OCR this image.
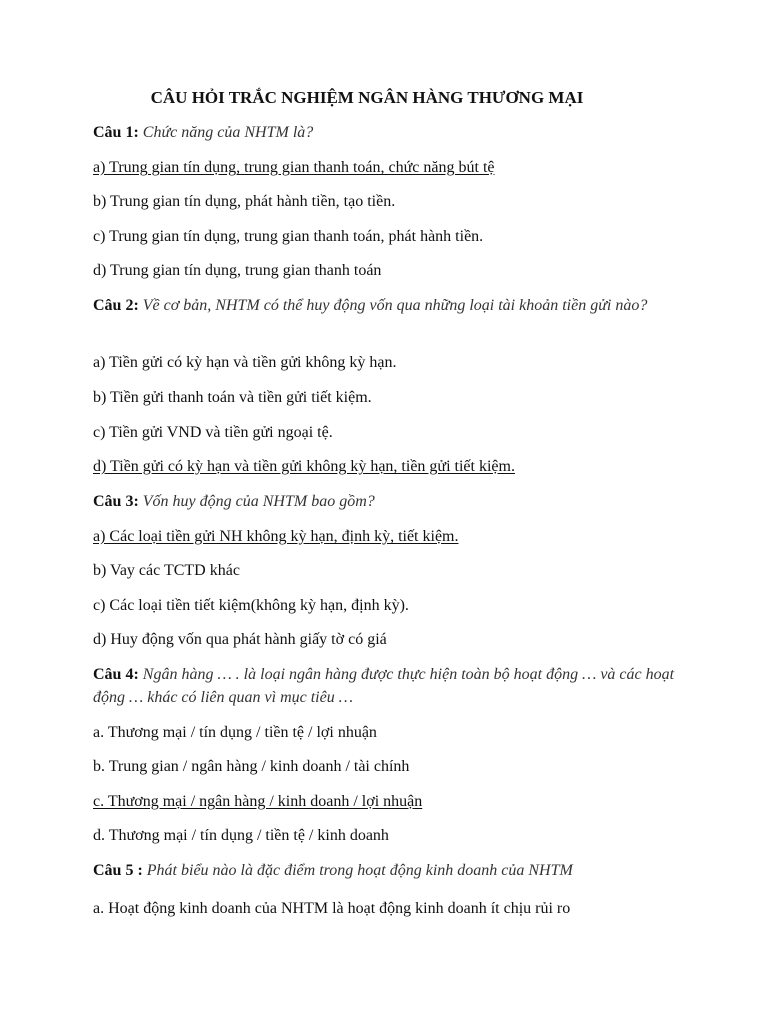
CÂU HỎI TRẮC NGHIỆM NGÂN HÀNG THƯƠNG MẠI

Câu 1: Chức năng của NHTM là?

a) Trung gian tín dụng, trung gian thanh toán, chức năng bút tệ

b) Trung gian tín dụng, phát hành tiền, tạo tiền.

c) Trung gian tín dụng, trung gian thanh toán, phát hành tiền.

d) Trung gian tín dụng, trung gian thanh toán

Câu 2: Về cơ bản, NHTM có thể huy động vốn qua những loại tài khoản tiền gửi nào?

a) Tiền gửi có kỳ hạn và tiền gửi không kỳ hạn.

b) Tiền gửi thanh toán và tiền gửi tiết kiệm.

c) Tiền gửi VND và tiền gửi ngoại tệ.

d) Tiền gửi có kỳ hạn và tiền gửi không kỳ hạn, tiền gửi tiết kiệm.

Câu 3: Vốn huy động của NHTM bao gồm?

a) Các loại tiền gửi NH không kỳ hạn, định kỳ, tiết kiệm.

b) Vay các TCTD khác

c) Các loại tiền tiết kiệm(không kỳ hạn, định kỳ).

d) Huy động vốn qua phát hành giấy tờ có giá

Câu 4: Ngân hàng … . là loại ngân hàng được thực hiện toàn bộ hoạt động … và các hoạt động … khác có liên quan vì mục tiêu …

a. Thương mại / tín dụng / tiền tệ / lợi nhuận

b. Trung gian / ngân hàng / kinh doanh / tài chính

c. Thương mại / ngân hàng / kinh doanh / lợi nhuận

d. Thương mại / tín dụng / tiền tệ / kinh doanh

Câu 5 : Phát biểu nào là đặc điểm trong hoạt động kinh doanh của NHTM

a. Hoạt động kinh doanh của NHTM là hoạt động kinh doanh ít chịu rủi ro
